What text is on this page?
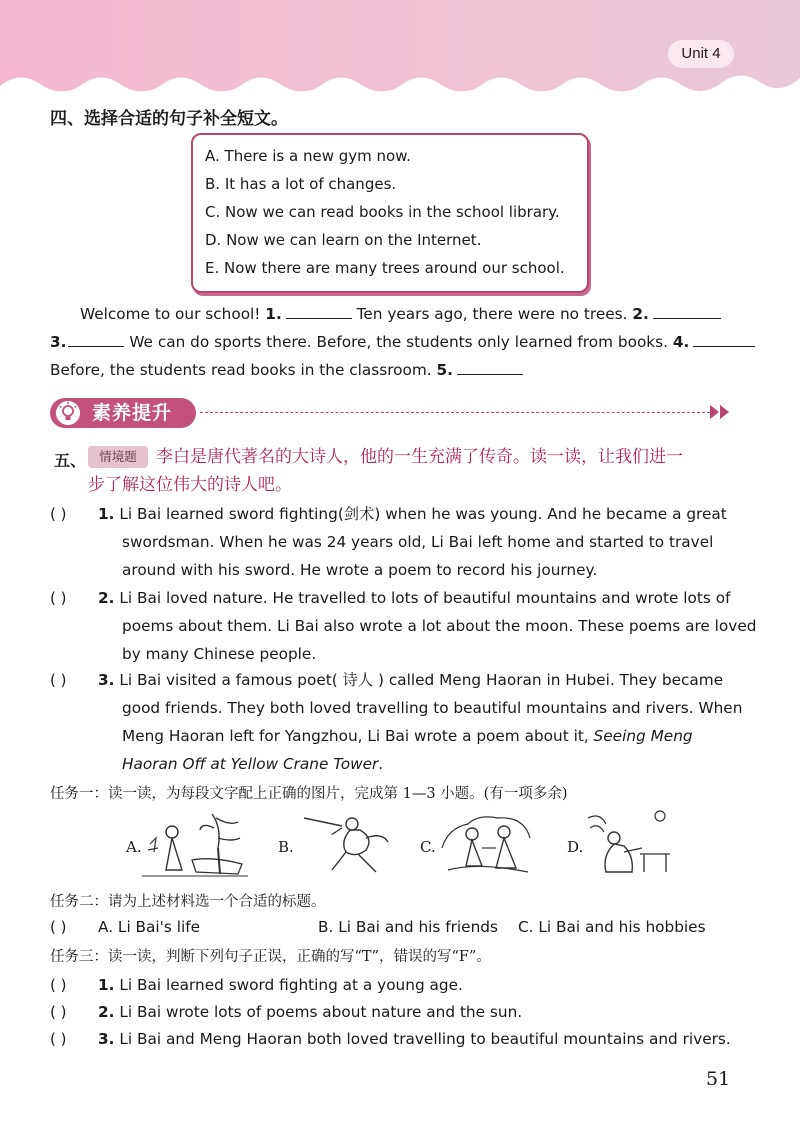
Unit 4
四、选择合适的句子补全短文。
A. There is a new gym now.
B. It has a lot of changes.
C. Now we can read books in the school library.
D. Now we can learn on the Internet.
E. Now there are many trees around our school.
Welcome to our school! 1.	Ten years ago, there were no trees. 2.
3.	We can do sports there. Before, the students only learned from books. 4.
Before, the students read books in the classroom. 5.
素养提升
五、	情境题	李白是唐代著名的大诗人，他的一生充满了传奇。读一读，让我们进一
步了解这位伟大的诗人吧。
( ) 1. Li Bai learned sword fighting(剑术) when he was young. And he became a great
swordsman. When he was 24 years old, Li Bai left home and started to travel
around with his sword. He wrote a poem to record his journey.
( ) 2. Li Bai loved nature. He travelled to lots of beautiful mountains and wrote lots of
poems about them. Li Bai also wrote a lot about the moon. These poems are loved
by many Chinese people.
( ) 3. Li Bai visited a famous poet( 诗人 ) called Meng Haoran in Hubei. They became
good friends. They both loved travelling to beautiful mountains and rivers. When
Meng Haoran left for Yangzhou, Li Bai wrote a poem about it, Seeing Meng
Haoran Off at Yellow Crane Tower.
任务一：读一读，为每段文字配上正确的图片，完成第 1—3 小题。(有一项多余)
A.	B.	C.	D.
任务二：请为上述材料选一个合适的标题。
( ) A. Li Bai's life	B. Li Bai and his friends C. Li Bai and his hobbies
任务三：读一读，判断下列句子正误，正确的写“T”，错误的写“F”。
( ) 1. Li Bai learned sword fighting at a young age.
( ) 2. Li Bai wrote lots of poems about nature and the sun.
( ) 3. Li Bai and Meng Haoran both loved travelling to beautiful mountains and rivers.
51
